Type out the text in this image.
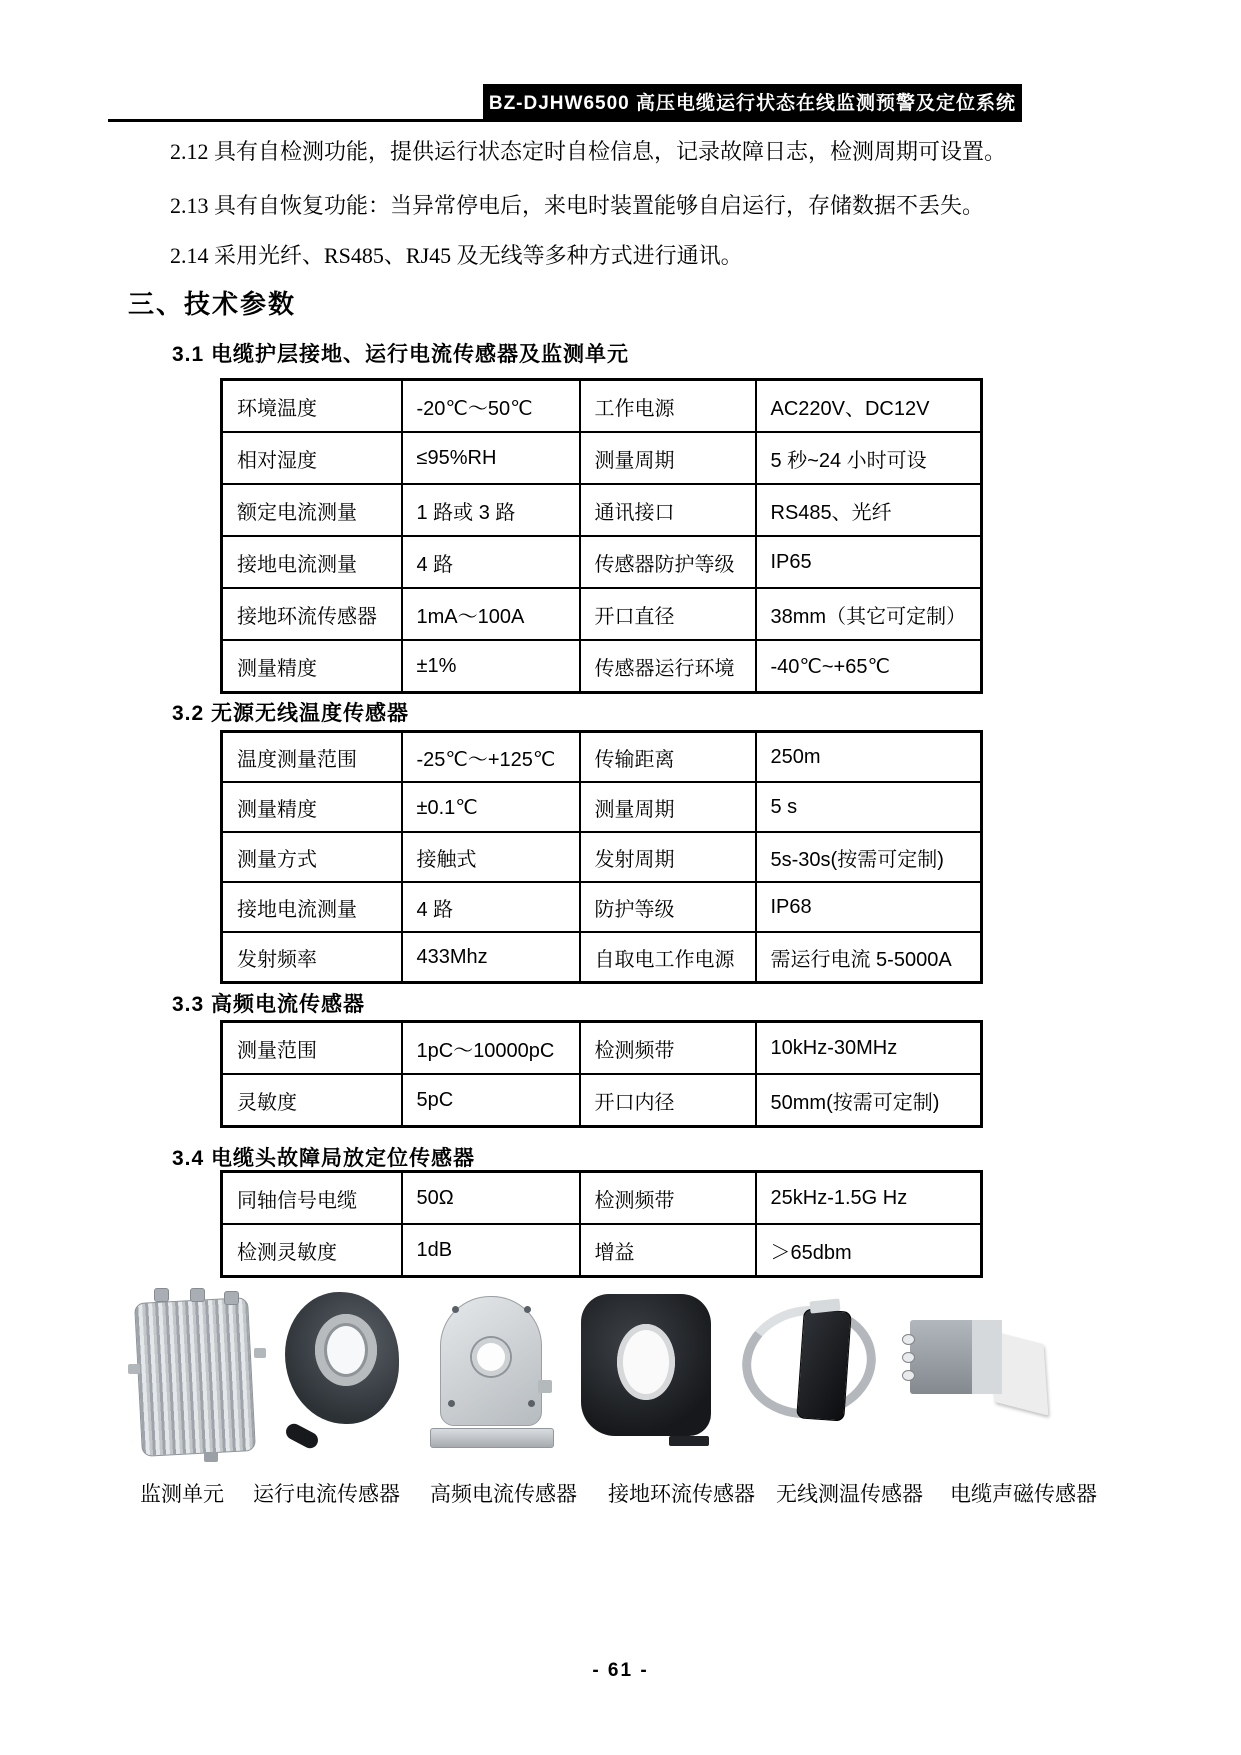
BZ-DJHW6500 高压电缆运行状态在线监测预警及定位系统
2.12 具有自检测功能，提供运行状态定时自检信息，记录故障日志，检测周期可设置。
2.13 具有自恢复功能：当异常停电后，来电时装置能够自启运行，存储数据不丢失。
2.14 采用光纤、RS485、RJ45 及无线等多种方式进行通讯。
三、技术参数
3.1 电缆护层接地、运行电流传感器及监测单元
环境温度	-20℃～50℃	工作电源	AC220V、DC12V
相对湿度	≤95%RH	测量周期	5 秒~24 小时可设
额定电流测量	1 路或 3 路	通讯接口	RS485、光纤
接地电流测量	4 路	传感器防护等级	IP65
接地环流传感器	1mA～100A	开口直径	38mm（其它可定制）
测量精度	±1%	传感器运行环境	-40℃~+65℃
3.2 无源无线温度传感器
温度测量范围	-25℃～+125℃	传输距离	250m
测量精度	±0.1℃	测量周期	5 s
测量方式	接触式	发射周期	5s-30s(按需可定制)
接地电流测量	4 路	防护等级	IP68
发射频率	433Mhz	自取电工作电源	需运行电流 5-5000A
3.3 高频电流传感器
测量范围	1pC～10000pC	检测频带	10kHz-30MHz
灵敏度	5pC	开口内径	50mm(按需可定制)
3.4 电缆头故障局放定位传感器
同轴信号电缆	50Ω	检测频带	25kHz-1.5G Hz
检测灵敏度	1dB	增益	＞65dbm
监测单元 运行电流传感器 高频电流传感器 接地环流传感器 无线测温传感器 电缆声磁传感器
- 61 -
